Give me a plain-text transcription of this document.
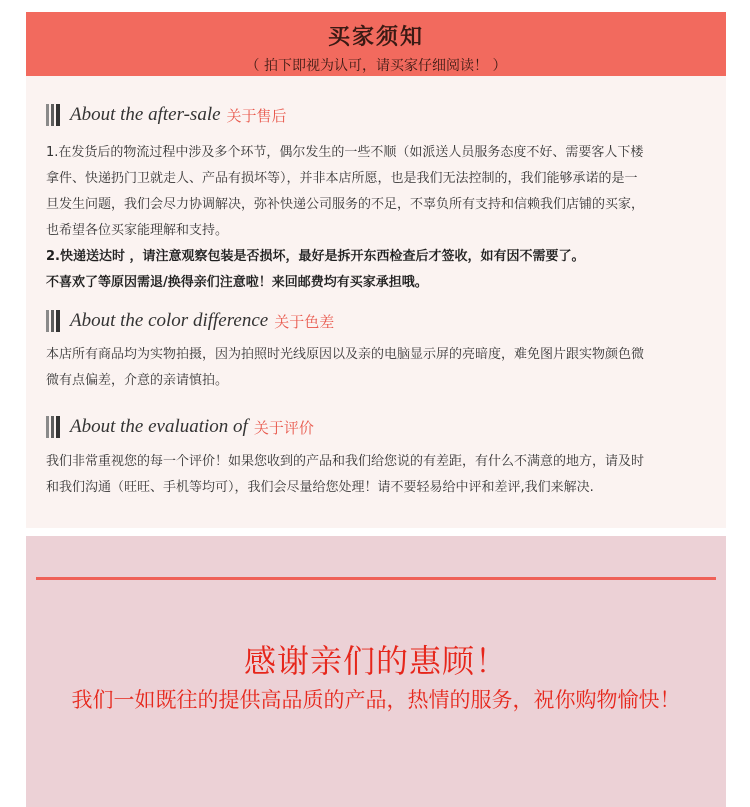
买家须知
（ 拍下即视为认可，请买家仔细阅读！ ）
About the after-sale 关于售后
1.在发货后的物流过程中涉及多个环节，偶尔发生的一些不顺（如派送人员服务态度不好、需要客人下楼
拿件、快递扔门卫就走人、产品有损坏等），并非本店所愿，也是我们无法控制的，我们能够承诺的是一
旦发生问题，我们会尽力协调解决，弥补快递公司服务的不足，不辜负所有支持和信赖我们店铺的买家，
也希望各位买家能理解和支持。
2.快递送达时 ，请注意观察包装是否损坏，最好是拆开东西检查后才签收，如有因不需要了。
不喜欢了等原因需退/换得亲们注意啦！来回邮费均有买家承担哦。
About the color difference 关于色差
本店所有商品均为实物拍摄，因为拍照时光线原因以及亲的电脑显示屏的亮暗度，难免图片跟实物颜色微
微有点偏差，介意的亲请慎拍。
About the evaluation of 关于评价
我们非常重视您的每一个评价！如果您收到的产品和我们给您说的有差距，有什么不满意的地方，请及时
和我们沟通（旺旺、手机等均可），我们会尽量给您处理！请不要轻易给中评和差评,我们来解决.
感谢亲们的惠顾！
我们一如既往的提供高品质的产品，热情的服务，祝你购物愉快！
